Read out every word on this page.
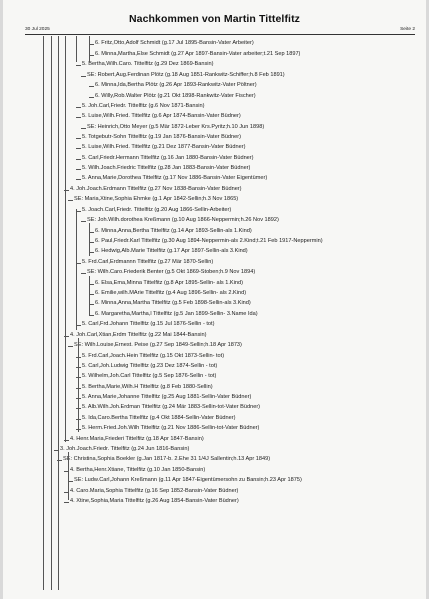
Nachkommen von Martin Tittelfitz
30 Jul 2025	Seite 2
6. Fritz,Otto,Adolf Schmidt (g.17 Jul 1895-Bansin-Vater Arbeiter)
6. Minna,Martha,Else Schmidt (g.27 Apr 1897-Bansin-Vater arbeiter;t.21 Sep 1897)
5. Bertha,Wilh.Caro. Tittelfitz (g.29 Dez 1869-Bansin)
SE: Robert,Aug.Ferdinan Plötz (g.18 Aug 1851-Rankwitz-Schiffer;h.8 Feb 1891)
6. Minna,Ida,Bertha Plötz (g.26 Apr 1893-Rankwitz-Vater Pöltner)
6. Willy,Rob.Walter Plötz (g.21 Okt 1898-Rankwitz-Vater Fischer)
5. Joh.Carl,Friedr. Tittelfitz (g.6 Nov 1871-Bansin)
5. Luise,Wilh.Fried. Tittelfitz (g.6 Apr 1874-Bansin-Vater Büdner)
SE: Heinrich,Otto Meyer (g.5 Mär 1872-Leber Krs.Pyritz;h.10 Jun 1898)
5. Totgebutr-Sohn Tittelfitz (g.19 Jan 1876-Bansin-Vater Büdner)
5. Luise,Wilh.Fried. Tittelfitz (g.21 Dez 1877-Bansin-Vater Büdner)
5. Carl,Friedr.Hermann Tittelfitz (g.16 Jan 1880-Bansin-Vater Büdner)
5. Wilh.Joach.Friedric Tittelfitz (g.28 Jan 1883-Bansin-Vater Büdner)
5. Anna,Marie,Dorothea Tittelfitz (g.17 Nov 1886-Bansin-Vater Eigentümer)
4. Joh.Joach.Erdmann Tittelfitz (g.27 Nov 1838-Bansin-Vater Büdner)
SE: Maria,Xtine,Sophia Ehmke (g.1 Apr 1842-Sellin;h.3 Nov 1865)
5. Joach.Carl,Friedr. Tittelfitz (g.20 Aug 1866-Sellin-Arbeiter)
SE: Joh.Wilh.dorothea Kreßmann (g.10 Aug 1866-Neppermin;h.26 Nov 1892)
6. Minna,Anna,Bertha Tittelfitz (g.14 Apr 1893-Sellin-als 1.Kind)
6. Paul,Friedr.Karl Tittelfitz (g.30 Aug 1894-Neppermin-als 2.Kind;t.21 Feb 1917-Neppermin)
6. Hedwig,Alb.Marie Tittelfitz (g.17 Apr 1897-Sellin-als 3.Kind)
5. Frd.Carl,Erdmannn Tittelfitz (g.27 Mär 1870-Sellin)
SE: Wilh.Caro.Friederik Benter (g.5 Okt 1869-Stoben;h.9 Nov 1894)
6. Elsa,Ema,Minna Tittelfitz (g.8 Apr 1895-Sellin- als 1.Kind)
6. Emilie,wilh.MArie Tittelfitz (g.4 Aug 1896-Sellin- als 2.Kind)
6. Minna,Anna,Martha Tittelfitz (g.5 Feb 1898-Sellin-als 3.Kind)
6. Margaretha,Martha,l Tittelfitz (g.5 Jan 1899-Sellin- 3.Name Ida)
5. Carl,Frd.Johann Tittelfitz (g.15 Jul 1876-Sellin - tot)
4. Joh.Carl,Xtian,Erdm Tittelfitz (g.22 Mai 1844-Bansin)
SE: Wilh.Louise,Ernest. Peise (g.27 Sep 1849-Sellin;h.18 Apr 1873)
5. Frd.Carl,Joach.Hein Tittelfitz (g.15 Okt 1873-Sellin- tot)
5. Carl,Joh.Ludwig Tittelfitz (g.23 Dez 1874-Sellin - tot)
5. Wilhelm,Joh.Carl Tittelfitz (g.5 Sep 1876-Sellin - tot)
5. Bertha,Marie,Wilh.H Tittelfitz (g.8 Feb 1880-Sellin)
5. Anna,Marie,Johanne Tittelfitz (g.25 Aug 1881-Sellin-Vater Büdner)
5. Alb.Wilh.Joh.Erdman Tittelfitz (g.24 Mär 1883-Sellin-tot-Vater Büdner)
5. Ida,Caro.Bertha Tittelfitz (g.4 Okt 1884-Sellin-Vater Büdner)
5. Herm.Fried.Joh.Wilh Tittelfitz (g.21 Nov 1886-Sellin-tot-Vater Büdner)
4. Henr.Maria,Friederi Tittelfitz (g.18 Apr 1847-Bansin)
3. Joh.Joach.Friedr. Tittelfitz (g.24 Jun 1816-Bansin)
SE: Christina,Sophia Boekler (g.Jan 1817-b. 2.Ehe 31 1/4J Sallentin;h.13 Apr 1849)
4. Bertha,Henr.Xtiane, Tittelfitz (g.10 Jan 1850-Bansin)
SE: Ludw.Carl,Johann Kreßmann (g.11 Apr 1847-Eigentümersohn zu Bansin;h.23 Apr 1875)
4. Caro.Maria,Sophia Tittelfitz (g.16 Sep 1852-Bansin-Vater Büdner)
4. Xtine,Sophia,Maria Tittelfitz (g.26 Aug 1854-Bansin-Vater Büdner)
